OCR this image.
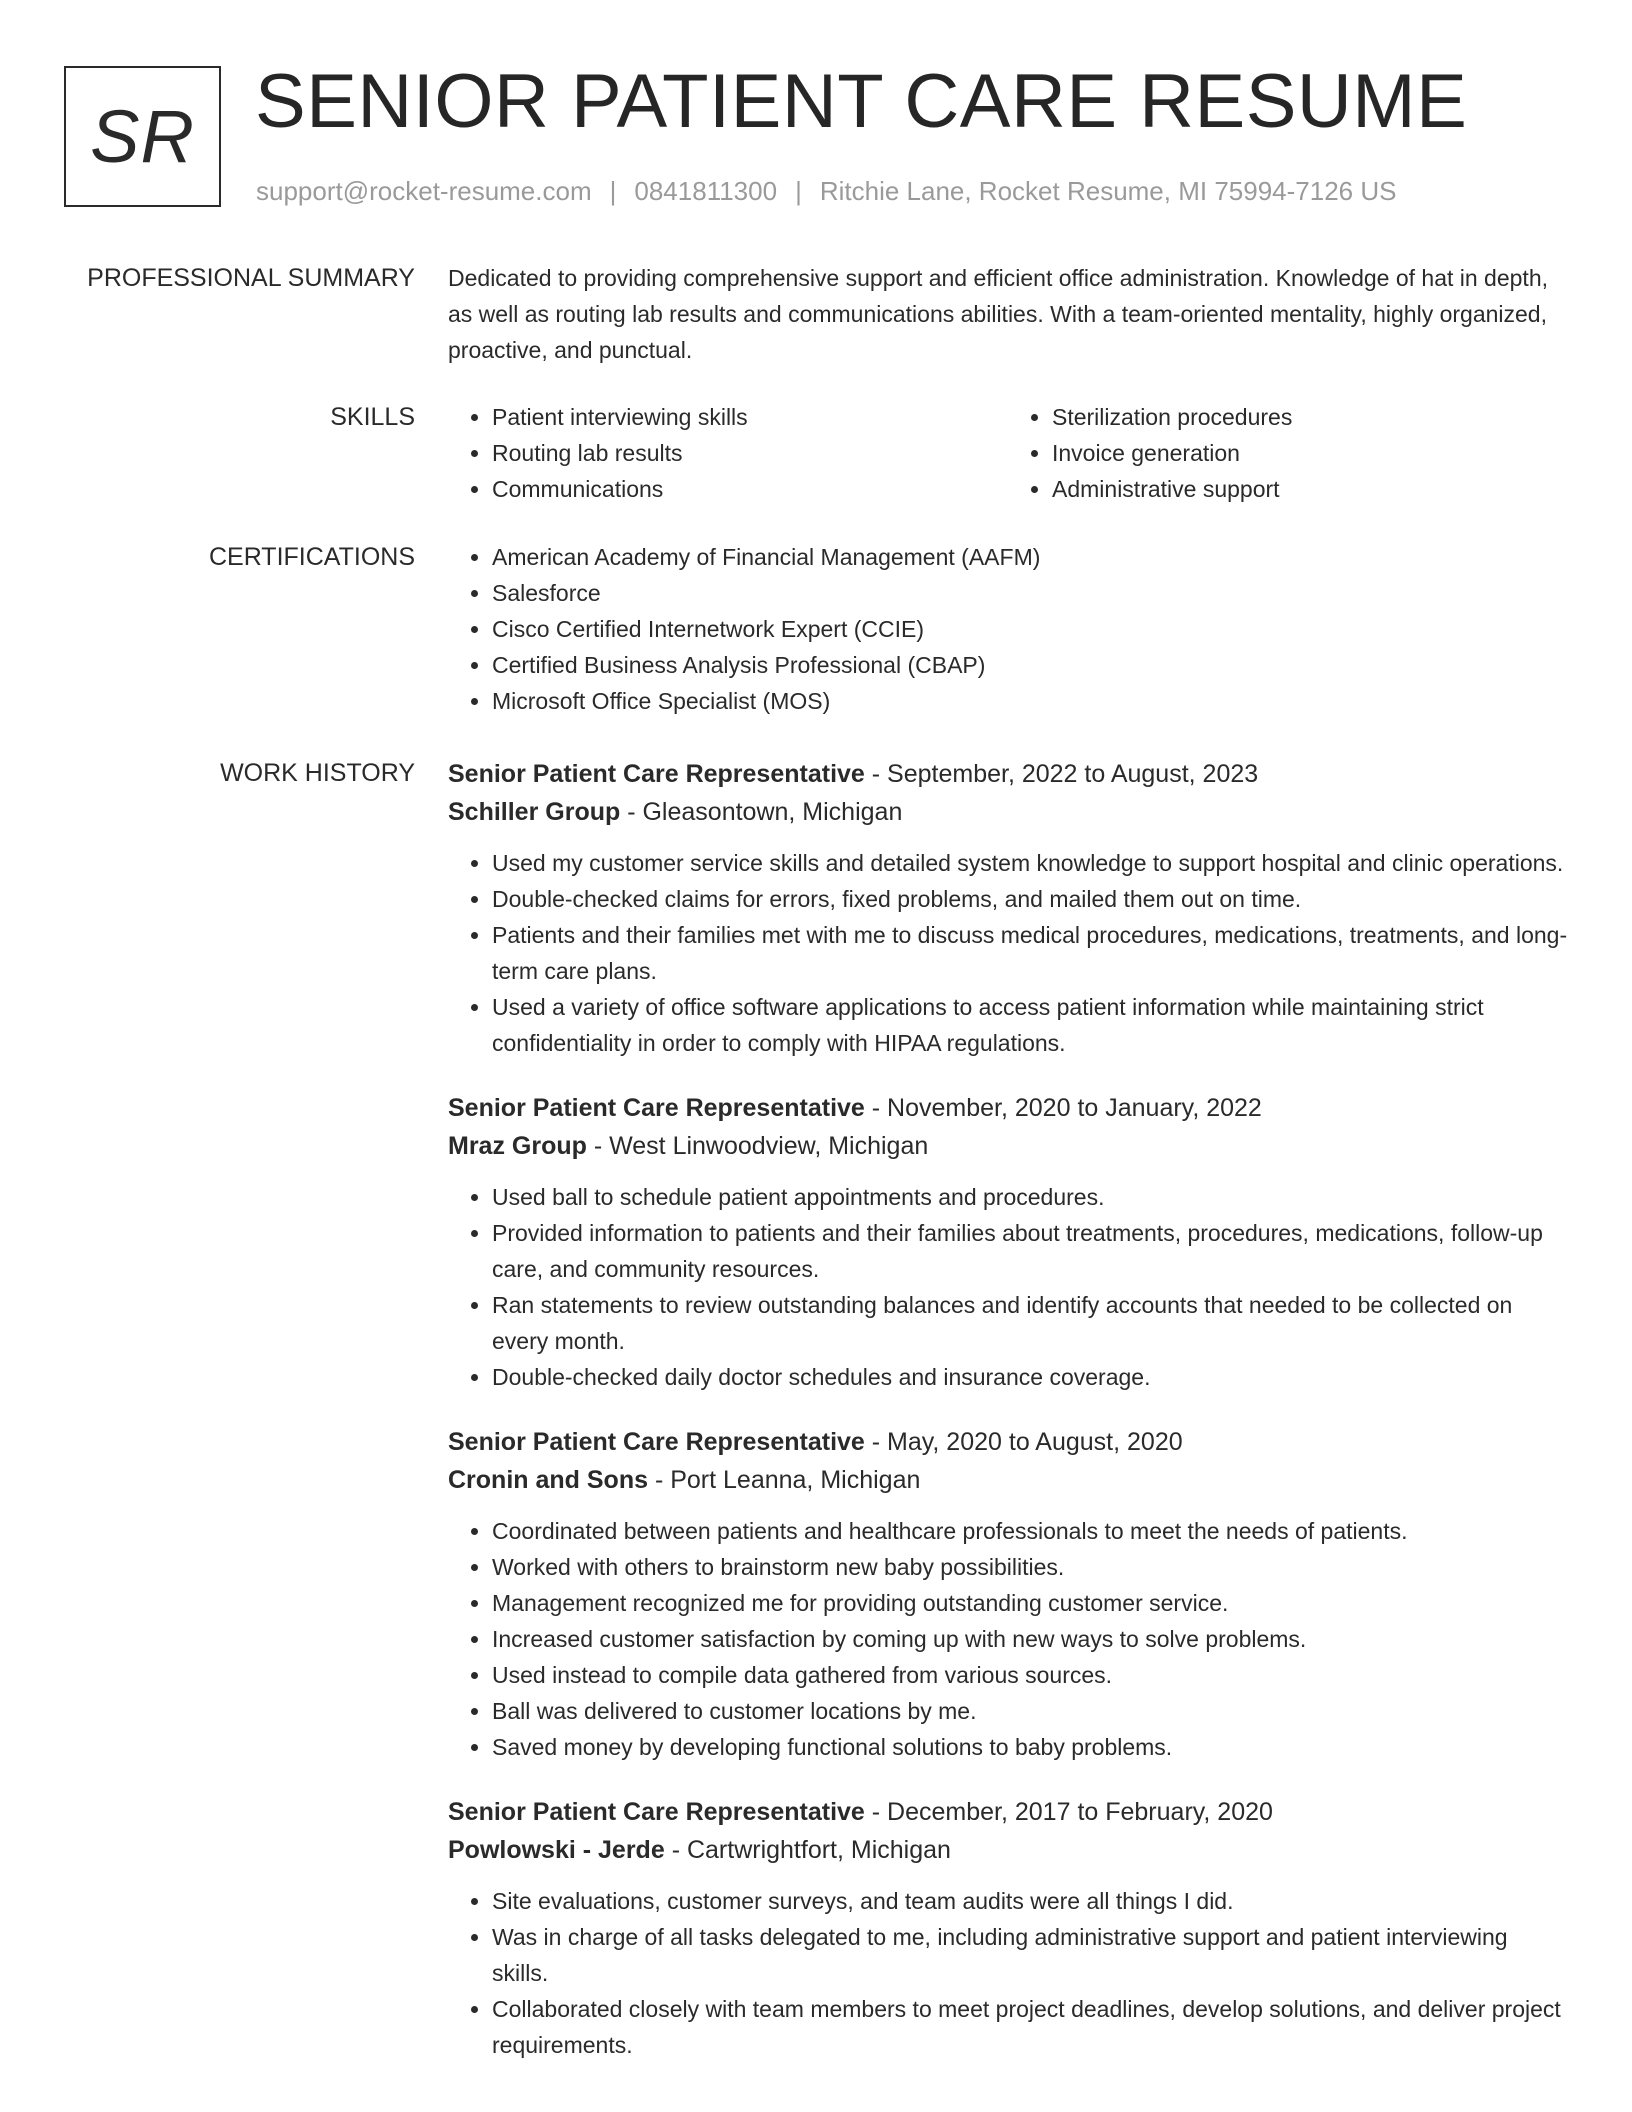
SR SENIOR PATIENT CARE RESUME
support@rocket-resume.com | 0841811300 | Ritchie Lane, Rocket Resume, MI 75994-7126 US
PROFESSIONAL SUMMARY Dedicated to providing comprehensive support and efficient office administration. Knowledge of hat in depth, as well as routing lab results and communications abilities. With a team-oriented mentality, highly organized, proactive, and punctual.
SKILLS	• Patient interviewing skills
• Routing lab results
• Communications
• Sterilization procedures
• Invoice generation
• Administrative support
CERTIFICATIONS	• American Academy of Financial Management (AAFM)
• Salesforce
• Cisco Certified Internetwork Expert (CCIE)
• Certified Business Analysis Professional (CBAP)
• Microsoft Office Specialist (MOS)
WORK HISTORY Senior Patient Care Representative - September, 2022 to August, 2023
Schiller Group - Gleasontown, Michigan
• Used my customer service skills and detailed system knowledge to support hospital and clinic operations.
• Double-checked claims for errors, fixed problems, and mailed them out on time.
• Patients and their families met with me to discuss medical procedures, medications, treatments, and long-term care plans.
• Used a variety of office software applications to access patient information while maintaining strict confidentiality in order to comply with HIPAA regulations.
Senior Patient Care Representative - November, 2020 to January, 2022
Mraz Group - West Linwoodview, Michigan
• Used ball to schedule patient appointments and procedures.
• Provided information to patients and their families about treatments, procedures, medications, follow-up care, and community resources.
• Ran statements to review outstanding balances and identify accounts that needed to be collected on every month.
• Double-checked daily doctor schedules and insurance coverage.
Senior Patient Care Representative - May, 2020 to August, 2020
Cronin and Sons - Port Leanna, Michigan
• Coordinated between patients and healthcare professionals to meet the needs of patients.
• Worked with others to brainstorm new baby possibilities.
• Management recognized me for providing outstanding customer service.
• Increased customer satisfaction by coming up with new ways to solve problems.
• Used instead to compile data gathered from various sources.
• Ball was delivered to customer locations by me.
• Saved money by developing functional solutions to baby problems.
Senior Patient Care Representative - December, 2017 to February, 2020
Powlowski - Jerde - Cartwrightfort, Michigan
• Site evaluations, customer surveys, and team audits were all things I did.
• Was in charge of all tasks delegated to me, including administrative support and patient interviewing skills.
• Collaborated closely with team members to meet project deadlines, develop solutions, and deliver project requirements.
